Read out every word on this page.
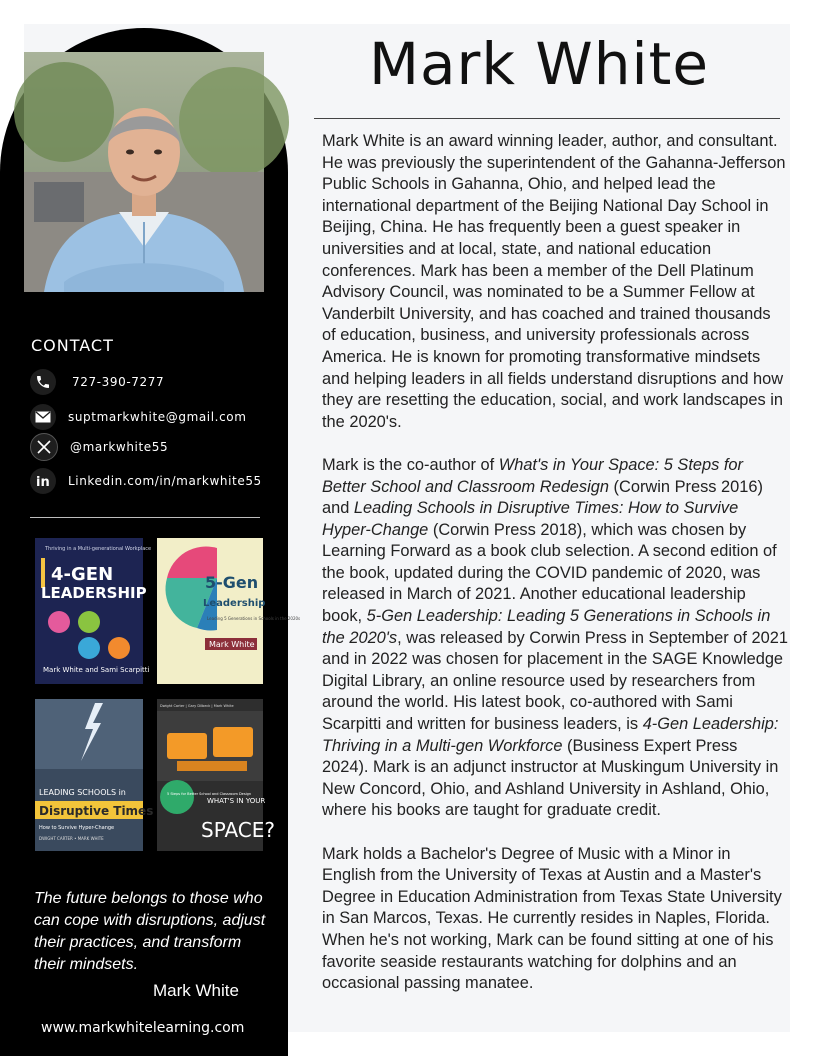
CONTACT
727-390-7277
suptmarkwhite@gmail.com
@markwhite55
in Linkedin.com/in/markwhite55
Thriving in a Multi-generational Workplace
4-GEN
LEADERSHIP
Mark White and Sami Scarpitti
5-Gen
Leadership
Leading 5 Generations in Schools in the 2020s
Mark White
LEADING SCHOOLS in
Disruptive Times
How to Survive Hyper-Change
DWIGHT CARTER • MARK WHITE
Dwight Carter | Gary Dilbeck | Mark White
5 Steps for Better School and Classroom Design
WHAT'S IN YOUR
SPACE?
The future belongs to those who can cope with disruptions, adjust their practices, and transform their mindsets.
Mark White
www.markwhitelearning.com
Mark White

Mark White is an award winning leader, author, and consultant. He was previously the superintendent of the Gahanna-Jefferson Public Schools in Gahanna, Ohio, and helped lead the international department of the Beijing National Day School in Beijing, China. He has frequently been a guest speaker in universities and at local, state, and national education conferences. Mark has been a member of the Dell Platinum Advisory Council, was nominated to be a Summer Fellow at Vanderbilt University, and has coached and trained thousands of education, business, and university professionals across America. He is known for promoting transformative mindsets and helping leaders in all fields understand disruptions and how they are resetting the education, social, and work landscapes in the 2020's.

Mark is the co-author of What's in Your Space: 5 Steps for Better School and Classroom Redesign (Corwin Press 2016) and Leading Schools in Disruptive Times: How to Survive Hyper-Change (Corwin Press 2018), which was chosen by Learning Forward as a book club selection. A second edition of the book, updated during the COVID pandemic of 2020, was released in March of 2021. Another educational leadership book, 5-Gen Leadership: Leading 5 Generations in Schools in the 2020's, was released by Corwin Press in September of 2021 and in 2022 was chosen for placement in the SAGE Knowledge Digital Library, an online resource used by researchers from around the world. His latest book, co-authored with Sami Scarpitti and written for business leaders, is 4-Gen Leadership: Thriving in a Multi-gen Workforce (Business Expert Press 2024). Mark is an adjunct instructor at Muskingum University in New Concord, Ohio, and Ashland University in Ashland, Ohio, where his books are taught for graduate credit.

Mark holds a Bachelor's Degree of Music with a Minor in English from the University of Texas at Austin and a Master's Degree in Education Administration from Texas State University in San Marcos, Texas. He currently resides in Naples, Florida. When he's not working, Mark can be found sitting at one of his favorite seaside restaurants watching for dolphins and an occasional passing manatee.
